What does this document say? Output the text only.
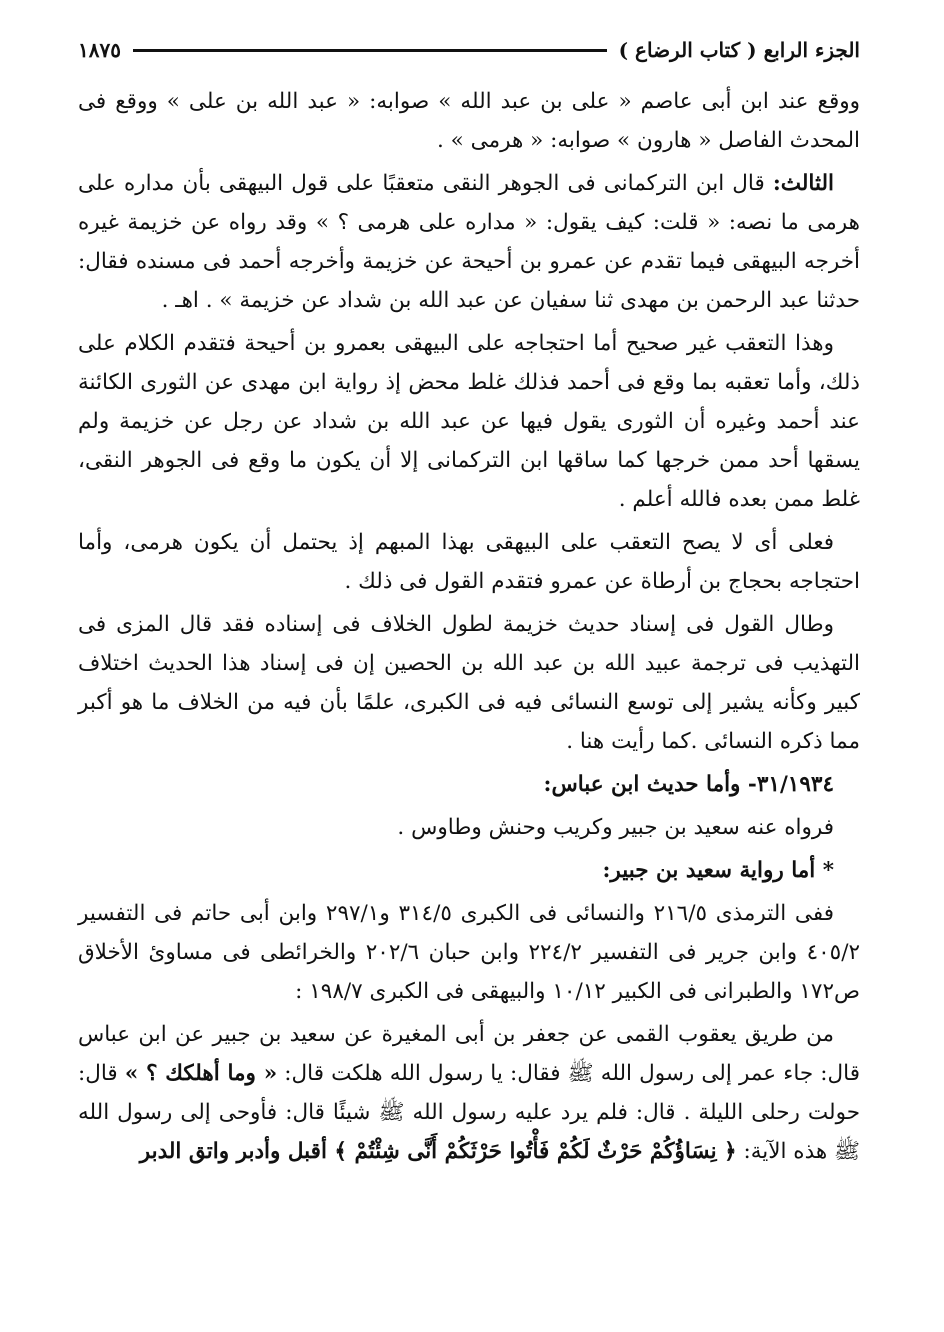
الجزء الرابع ( كتاب الرضاع )
١٨٧٥

ووقع عند ابن أبى عاصم « على بن عبد الله » صوابه: « عبد الله بن على » ووقع فى المحدث الفاصل « هارون » صوابه: « هرمى » .

الثالث: قال ابن التركمانى فى الجوهر النقى متعقبًا على قول البيهقى بأن مداره على هرمى ما نصه: « قلت: كيف يقول: « مداره على هرمى ؟ » وقد رواه عن خزيمة غيره أخرجه البيهقى فيما تقدم عن عمرو بن أحيحة عن خزيمة وأخرجه أحمد فى مسنده فقال: حدثنا عبد الرحمن بن مهدى ثنا سفيان عن عبد الله بن شداد عن خزيمة » . اهـ .

وهذا التعقب غير صحيح أما احتجاجه على البيهقى بعمرو بن أحيحة فتقدم الكلام على ذلك، وأما تعقبه بما وقع فى أحمد فذلك غلط محض إذ رواية ابن مهدى عن الثورى الكائنة عند أحمد وغيره أن الثورى يقول فيها عن عبد الله بن شداد عن رجل عن خزيمة ولم يسقها أحد ممن خرجها كما ساقها ابن التركمانى إلا أن يكون ما وقع فى الجوهر النقى، غلط ممن بعده فالله أعلم .

فعلى أى لا يصح التعقب على البيهقى بهذا المبهم إذ يحتمل أن يكون هرمى، وأما احتجاجه بحجاج بن أرطاة عن عمرو فتقدم القول فى ذلك .

وطال القول فى إسناد حديث خزيمة لطول الخلاف فى إسناده فقد قال المزى فى التهذيب فى ترجمة عبيد الله بن عبد الله بن الحصين إن فى إسناد هذا الحديث اختلاف كبير وكأنه يشير إلى توسع النسائى فيه فى الكبرى، علمًا بأن فيه من الخلاف ما هو أكبر مما ذكره النسائى .كما رأيت هنا .

٣١/١٩٣٤- وأما حديث ابن عباس:

فرواه عنه سعيد بن جبير وكريب وحنش وطاوس .

* أما رواية سعيد بن جبير:

ففى الترمذى ٢١٦/٥ والنسائى فى الكبرى ٣١٤/٥ و٢٩٧/١ وابن أبى حاتم فى التفسير ٤٠٥/٢ وابن جرير فى التفسير ٢٢٤/٢ وابن حبان ٢٠٢/٦ والخرائطى فى مساوئ الأخلاق ص١٧٢ والطبرانى فى الكبير ١٠/١٢ والبيهقى فى الكبرى ١٩٨/٧ :

من طريق يعقوب القمى عن جعفر بن أبى المغيرة عن سعيد بن جبير عن ابن عباس قال: جاء عمر إلى رسول الله ﷺ فقال: يا رسول الله هلكت قال: « وما أهلكك ؟ » قال: حولت رحلى الليلة . قال: فلم يرد عليه رسول الله ﷺ شيئًا قال: فأوحى إلى رسول الله ﷺ هذه الآية: ﴿ نِسَاؤُكُمْ حَرْثٌ لَكُمْ فَأْتُوا حَرْثَكُمْ أَنَّى شِئْتُمْ ﴾ أقبل وأدبر واتق الدبر
